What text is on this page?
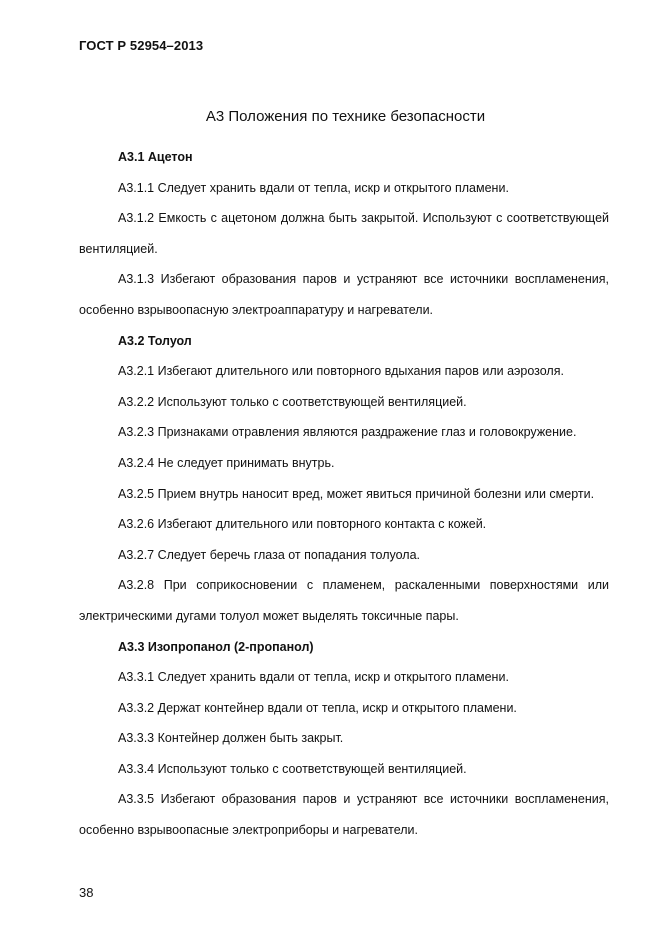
ГОСТ Р 52954–2013
А3 Положения по технике безопасности
А3.1 Ацетон
А3.1.1 Следует хранить вдали от тепла, искр и открытого пламени.
А3.1.2 Емкость с ацетоном должна быть закрытой. Используют с соответствующей вентиляцией.
А3.1.3 Избегают образования паров и устраняют все источники воспламенения, особенно взрывоопасную электроаппаратуру и нагреватели.
А3.2 Толуол
А3.2.1 Избегают длительного или повторного вдыхания паров или аэрозоля.
А3.2.2 Используют только с соответствующей вентиляцией.
А3.2.3 Признаками отравления являются раздражение глаз и головокружение.
А3.2.4 Не следует принимать внутрь.
А3.2.5 Прием внутрь наносит вред, может явиться причиной болезни или смерти.
А3.2.6 Избегают длительного или повторного контакта с кожей.
А3.2.7 Следует беречь глаза от попадания толуола.
А3.2.8 При соприкосновении с пламенем, раскаленными поверхностями или электрическими дугами толуол может выделять токсичные пары.
А3.3 Изопропанол (2-пропанол)
А3.3.1 Следует хранить вдали от тепла, искр и открытого пламени.
А3.3.2 Держат контейнер вдали от тепла, искр и открытого пламени.
А3.3.3 Контейнер должен быть закрыт.
А3.3.4 Используют только с соответствующей вентиляцией.
А3.3.5 Избегают образования паров и устраняют все источники воспламенения, особенно взрывоопасные электроприборы и нагреватели.
38
